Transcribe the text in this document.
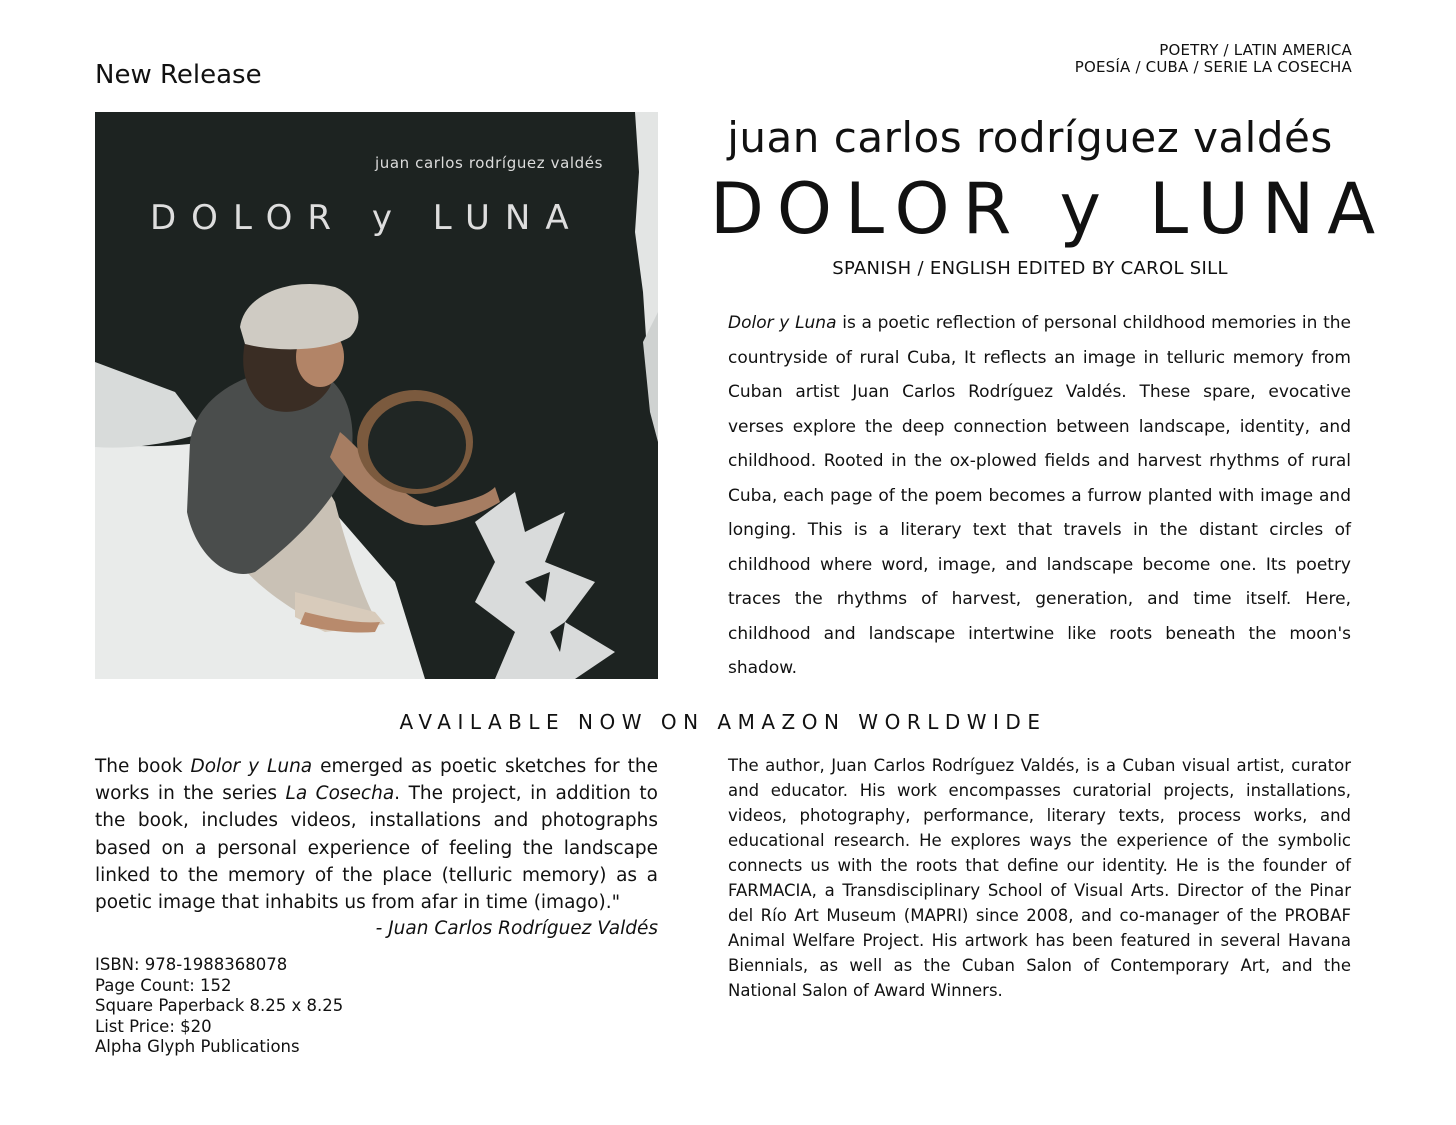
New Release
POETRY / LATIN AMERICA
POESÍA / CUBA / SERIE LA COSECHA
juan carlos rodríguez valdés
DOLOR y LUNA
juan carlos rodríguez valdés
DOLOR y LUNA
SPANISH / ENGLISH EDITED BY CAROL SILL
Dolor y Luna is a poetic reflection of personal childhood memories in the countryside of rural Cuba, It reflects an image in telluric memory from Cuban artist Juan Carlos Rodríguez Valdés. These spare, evocative verses explore the deep connection between landscape, identity, and childhood. Rooted in the ox-plowed fields and harvest rhythms of rural Cuba, each page of the poem becomes a furrow planted with image and longing. This is a literary text that travels in the distant circles of childhood where word, image, and landscape become one. Its poetry traces the rhythms of harvest, generation, and time itself. Here, childhood and landscape intertwine like roots beneath the moon's shadow.
AVAILABLE NOW ON AMAZON WORLDWIDE
The book Dolor y Luna emerged as poetic sketches for the works in the series La Cosecha. The project, in addition to the book, includes videos, installations and photographs based on a personal experience of feeling the landscape linked to the memory of the place (telluric memory) as a poetic image that inhabits us from afar in time (imago)."
- Juan Carlos Rodríguez Valdés
ISBN: 978-1988368078
Page Count: 152
Square Paperback 8.25 x 8.25
List Price: $20
Alpha Glyph Publications
The author, Juan Carlos Rodríguez Valdés, is a Cuban visual artist, curator and educator. His work encompasses curatorial projects, installations, videos, photography, performance, literary texts, process works, and educational research. He explores ways the experience of the symbolic connects us with the roots that define our identity. He is the founder of FARMACIA, a Transdisciplinary School of Visual Arts. Director of the Pinar del Río Art Museum (MAPRI) since 2008, and co-manager of the PROBAF Animal Welfare Project. His artwork has been featured in several Havana Biennials, as well as the Cuban Salon of Contemporary Art, and the National Salon of Award Winners.
